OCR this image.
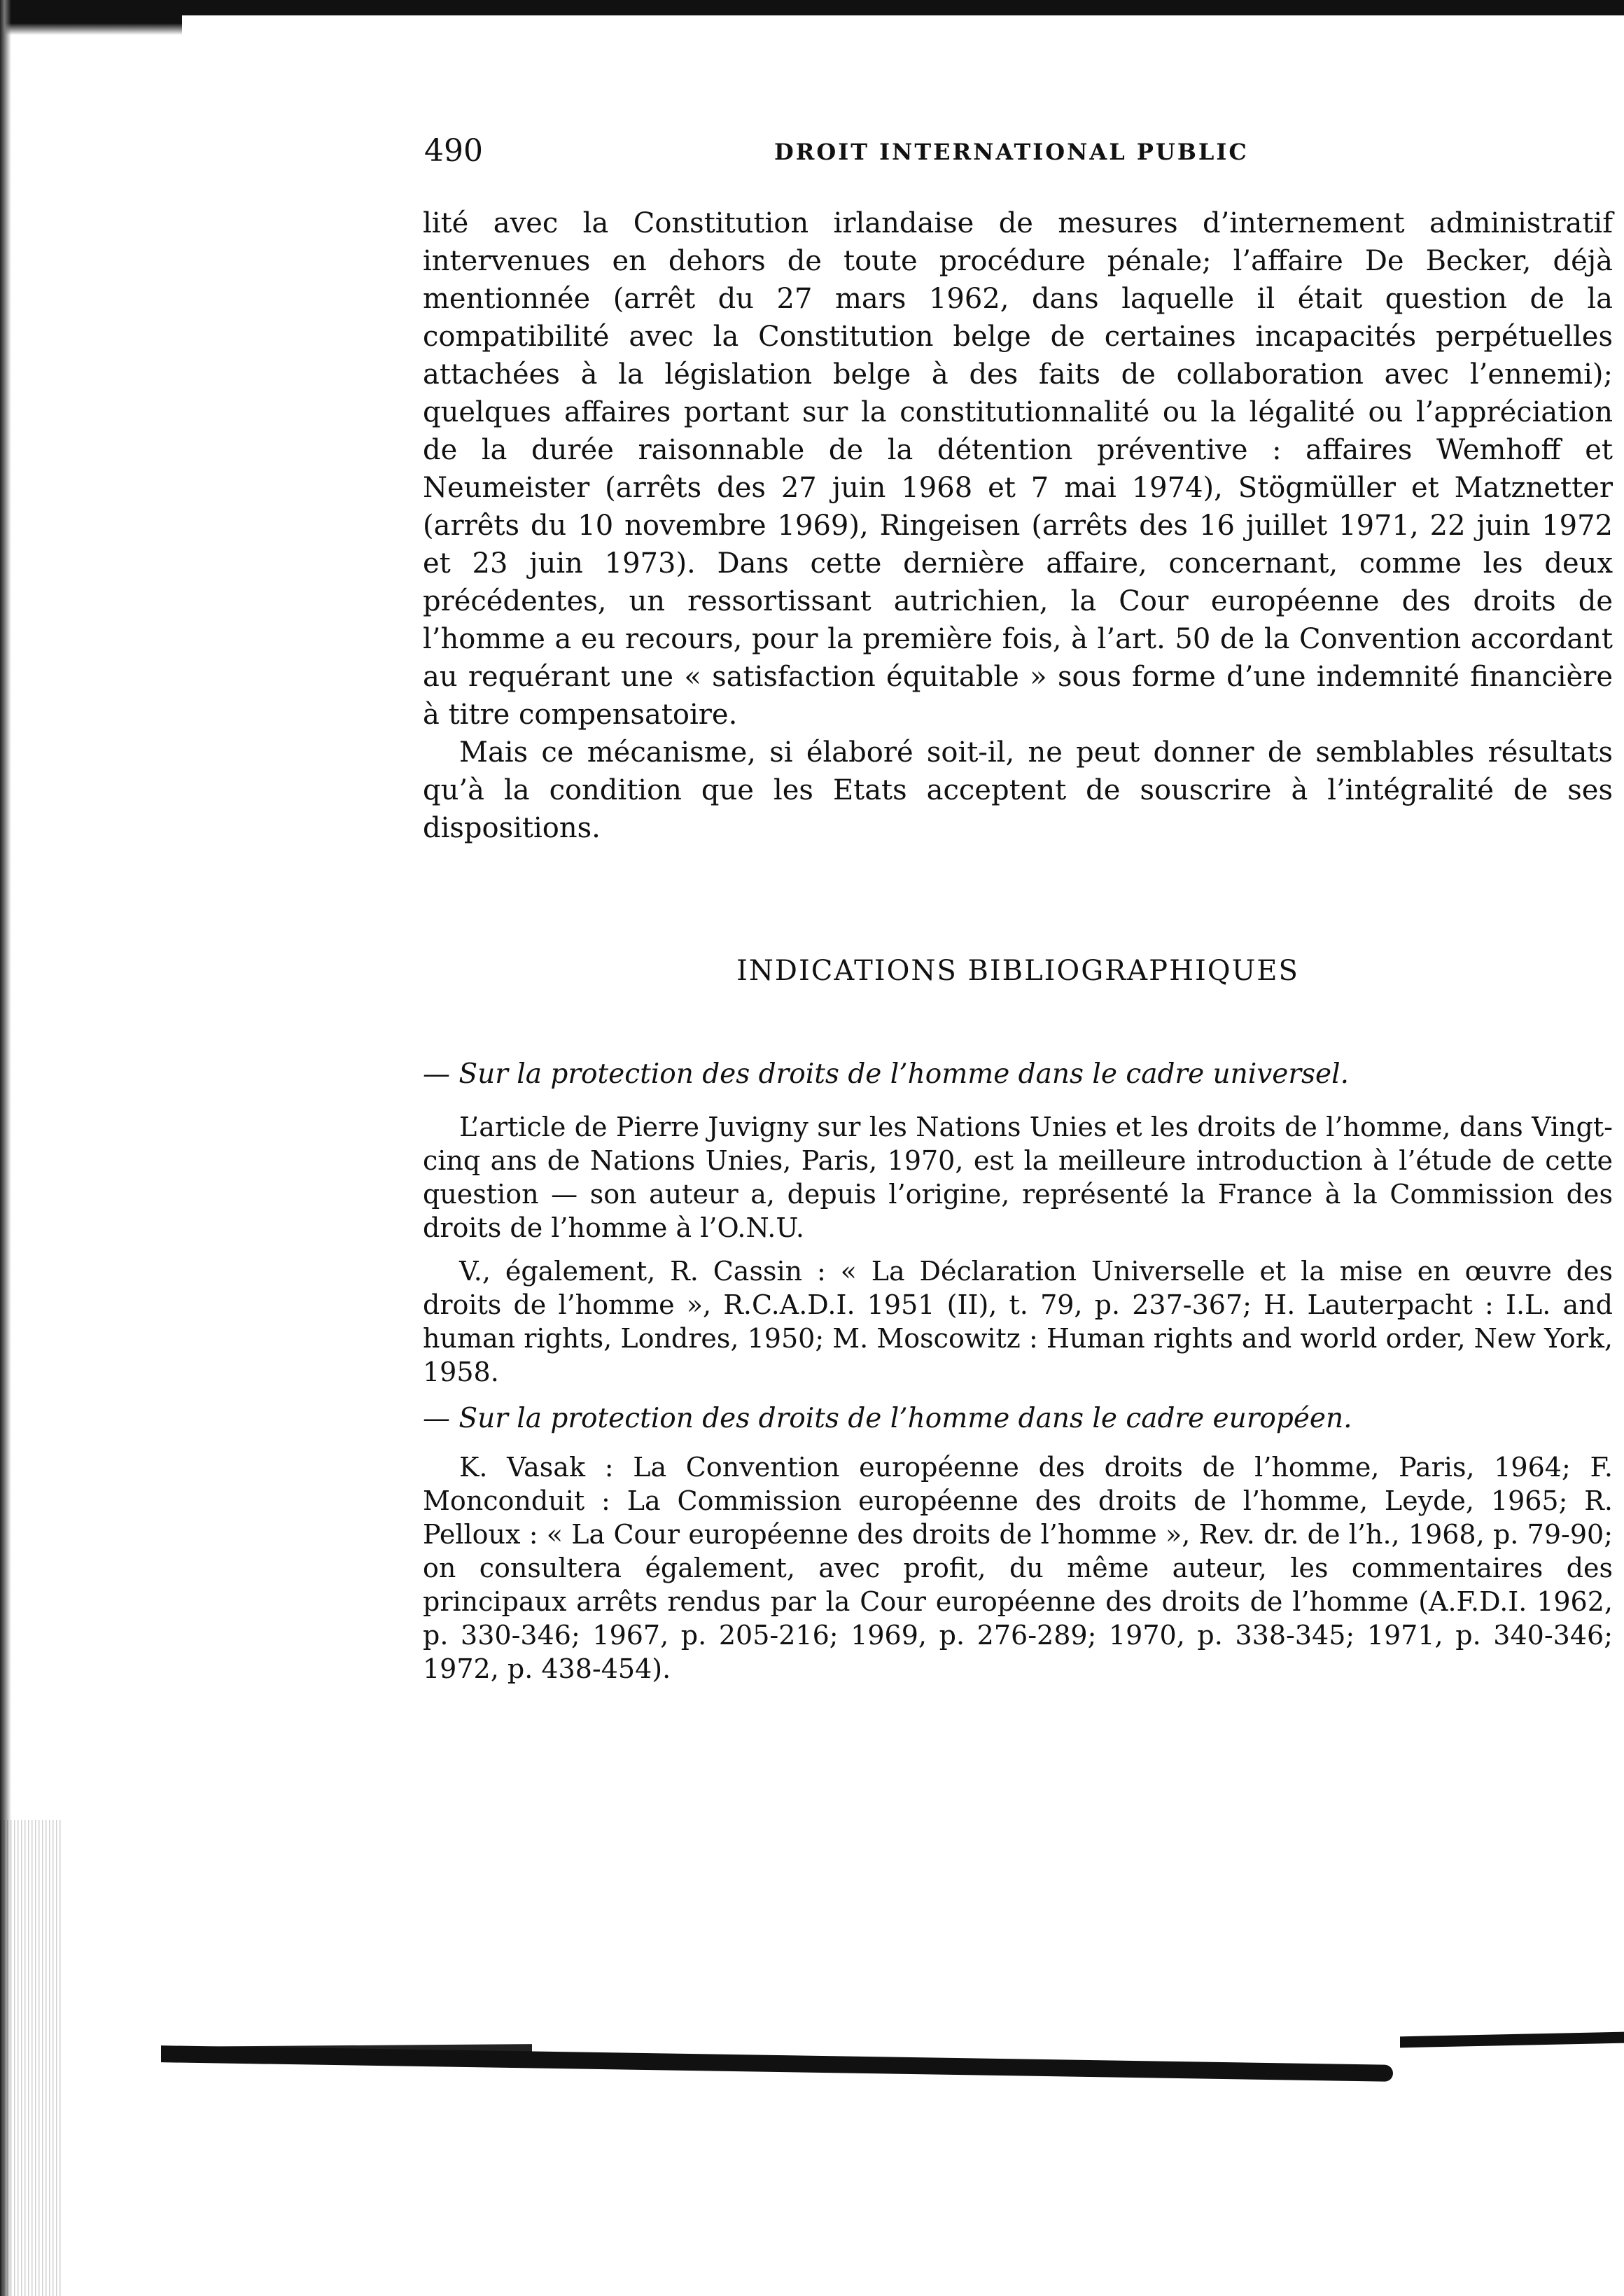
490	DROIT INTERNATIONAL PUBLIC

lité avec la Constitution irlandaise de mesures d’internement administratif intervenues en dehors de toute procédure pénale; l’affaire De Becker, déjà mentionnée (arrêt du 27 mars 1962, dans laquelle il était question de la compatibilité avec la Constitution belge de certaines incapacités perpétuelles attachées à la législation belge à des faits de collaboration avec l’ennemi); quelques affaires portant sur la constitutionnalité ou la légalité ou l’appréciation de la durée raisonnable de la détention préventive : affaires Wemhoff et Neumeister (arrêts des 27 juin 1968 et 7 mai 1974), Stögmüller et Matznetter (arrêts du 10 novembre 1969), Ringeisen (arrêts des 16 juillet 1971, 22 juin 1972 et 23 juin 1973). Dans cette dernière affaire, concernant, comme les deux précédentes, un ressortissant autrichien, la Cour européenne des droits de l’homme a eu recours, pour la première fois, à l’art. 50 de la Convention accordant au requérant une « satisfaction équitable » sous forme d’une indemnité financière à titre compensatoire.

Mais ce mécanisme, si élaboré soit-il, ne peut donner de semblables résultats qu’à la condition que les Etats acceptent de souscrire à l’intégralité de ses dispositions.

INDICATIONS BIBLIOGRAPHIQUES
— Sur la protection des droits de l’homme dans le cadre universel.

L’article de Pierre Juvigny sur les Nations Unies et les droits de l’homme, dans Vingt-cinq ans de Nations Unies, Paris, 1970, est la meilleure introduction à l’étude de cette question — son auteur a, depuis l’origine, représenté la France à la Commission des droits de l’homme à l’O.N.U.

V., également, R. Cassin : « La Déclaration Universelle et la mise en œuvre des droits de l’homme », R.C.A.D.I. 1951 (II), t. 79, p. 237-367; H. Lauterpacht : I.L. and human rights, Londres, 1950; M. Moscowitz : Human rights and world order, New York, 1958.

— Sur la protection des droits de l’homme dans le cadre européen.

K. Vasak : La Convention européenne des droits de l’homme, Paris, 1964; F. Monconduit : La Commission européenne des droits de l’homme, Leyde, 1965; R. Pelloux : « La Cour européenne des droits de l’homme », Rev. dr. de l’h., 1968, p. 79-90; on consultera également, avec profit, du même auteur, les commentaires des principaux arrêts rendus par la Cour européenne des droits de l’homme (A.F.D.I. 1962, p. 330-346; 1967, p. 205-216; 1969, p. 276-289; 1970, p. 338-345; 1971, p. 340-346; 1972, p. 438-454).
